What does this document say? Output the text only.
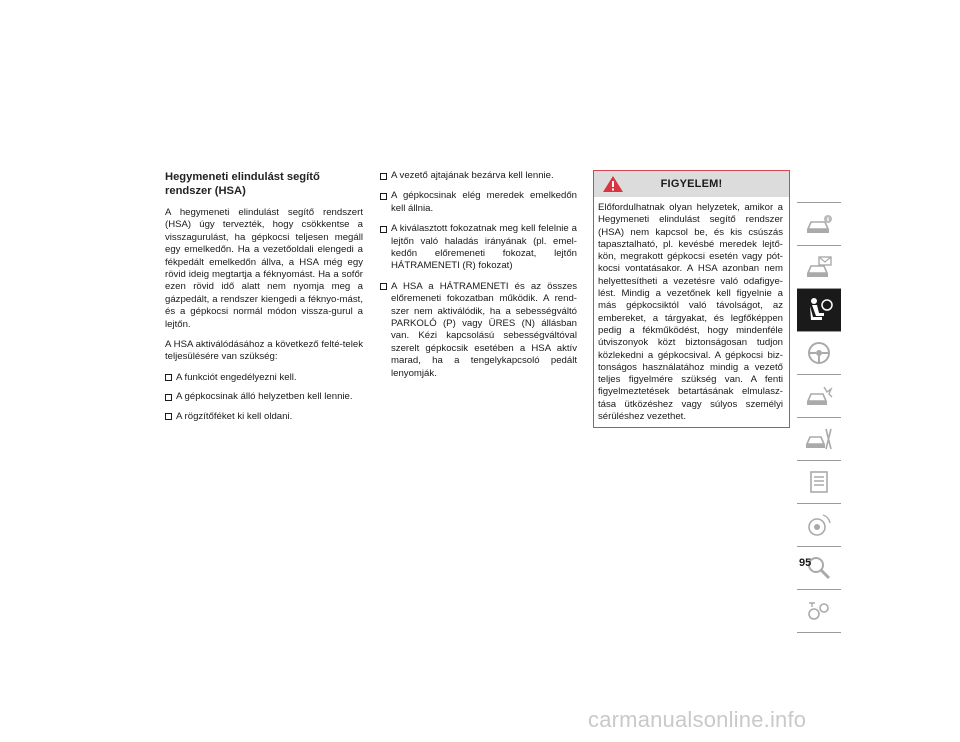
Hegymeneti elindulást segítő rendszer (HSA)

A hegymeneti elindulást segítő rendszert (HSA) úgy tervezték, hogy csökkentse a visszagurulást, ha gépkocsi teljesen megáll egy emelkedőn. Ha a vezetőoldali elengedi a fékpedált emelkedőn állva, a HSA még egy rövid ideig megtartja a féknyomást. Ha a sofőr ezen rövid idő alatt nem nyomja meg a gázpedált, a rendszer kiengedi a féknyo-mást, és a gépkocsi normál módon vissza-gurul a lejtőn.

A HSA aktiválódásához a következő felté-telek teljesülésére van szükség:

A funkciót engedélyezni kell.
A gépkocsinak álló helyzetben kell lennie.
A rögzítőféket ki kell oldani.
A vezető ajtajának bezárva kell lennie.
A gépkocsinak elég meredek emelkedőn kell állnia.
A kiválasztott fokozatnak meg kell felelnie a lejtőn való haladás irányának (pl. emel-kedőn előremeneti fokozat, lejtőn HÁTRAMENETI (R) fokozat)
A HSA a HÁTRAMENETI és az összes előremeneti fokozatban működik. A rend-szer nem aktiválódik, ha a sebességváltó PARKOLÓ (P) vagy ÜRES (N) állásban van. Kézi kapcsolású sebességváltóval szerelt gépkocsik esetében a HSA aktív marad, ha a tengelykapcsoló pedált lenyomják.
FIGYELEM!
Előfordulhatnak olyan helyzetek, amikor a Hegymeneti elindulást segítő rendszer (HSA) nem kapcsol be, és kis csúszás tapasztalható, pl. kevésbé meredek lejtő-kön, megrakott gépkocsi esetén vagy pót-kocsi vontatásakor. A HSA azonban nem helyettesítheti a vezetésre való odafigye-lést. Mindig a vezetőnek kell figyelnie a más gépkocsiktól való távolságot, az embereket, a tárgyakat, és legfőképpen pedig a fékműködést, hogy mindenféle útviszonyok közt biztonságosan tudjon közlekedni a gépkocsival. A gépkocsi biz-tonságos használatához mindig a vezető teljes figyelmére szükség van. A fenti figyelmeztetések betartásának elmulasz-tása ütközéshez vagy súlyos személyi sérüléshez vezethet.
95
carmanualsonline.info
